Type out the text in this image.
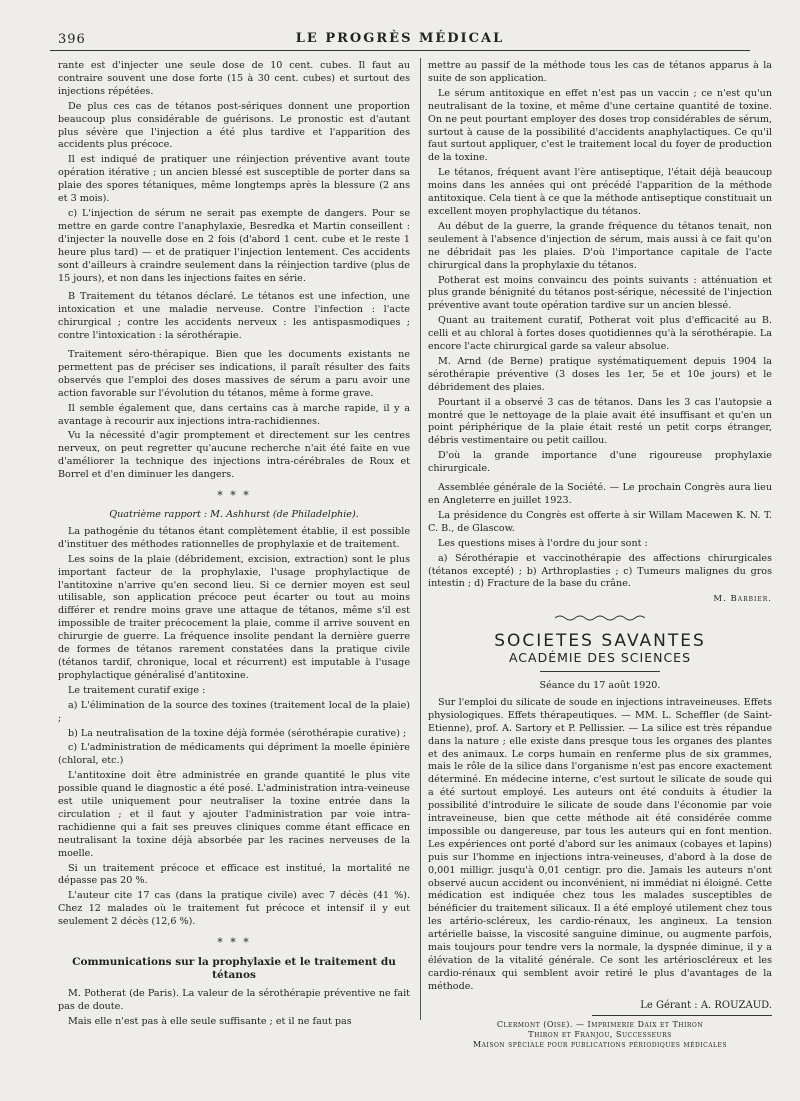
396	LE PROGRÈS MÉDICAL

rante est d'injecter une seule dose de 10 cent. cubes. Il faut au contraire souvent une dose forte (15 à 30 cent. cubes) et surtout des injections répétées.

De plus ces cas de tétanos post-sériques donnent une proportion beaucoup plus considérable de guérisons. Le pronostic est d'autant plus sévère que l'injection a été plus tardive et l'apparition des accidents plus précoce.

Il est indiqué de pratiquer une réinjection préventive avant toute opération itérative ; un ancien blessé est susceptible de porter dans sa plaie des spores tétaniques, même longtemps après la blessure (2 ans et 3 mois).

c) L'injection de sérum ne serait pas exempte de dangers. Pour se mettre en garde contre l'anaphylaxie, Besredka et Martin conseillent : d'injecter la nouvelle dose en 2 fois (d'abord 1 cent. cube et le reste 1 heure plus tard) — et de pratiquer l'injection lentement. Ces accidents sont d'ailleurs à craindre seulement dans la réinjection tardive (plus de 15 jours), et non dans les injections faites en série.

B Traitement du tétanos déclaré. Le tétanos est une infection, une intoxication et une maladie nerveuse. Contre l'infection : l'acte chirurgical ; contre les accidents nerveux : les antispasmodiques ; contre l'intoxication : la sérothérapie.

Traitement séro-thérapique. Bien que les documents existants ne permettent pas de préciser ses indications, il paraît résulter des faits observés que l'emploi des doses massives de sérum a paru avoir une action favorable sur l'évolution du tétanos, même à forme grave.

Il semble également que, dans certains cas à marche rapide, il y a avantage à recourir aux injections intra-rachidiennes.

Vu la nécessité d'agir promptement et directement sur les centres nerveux, on peut regretter qu'aucune recherche n'ait été faite en vue d'améliorer la technique des injections intra-cérébrales de Roux et Borrel et d'en diminuer les dangers.

* * *

Quatrième rapport : M. Ashhurst (de Philadelphie).

La pathogénie du tétanos étant complètement établie, il est possible d'instituer des méthodes rationnelles de prophylaxie et de traitement.

Les soins de la plaie (débridement, excision, extraction) sont le plus important facteur de la prophylaxie, l'usage prophylactique de l'antitoxine n'arrive qu'en second lieu. Si ce dernier moyen est seul utilisable, son application précoce peut écarter ou tout au moins différer et rendre moins grave une attaque de tétanos, même s'il est impossible de traiter précocement la plaie, comme il arrive souvent en chirurgie de guerre. La fréquence insolite pendant la dernière guerre de formes de tétanos rarement constatées dans la pratique civile (tétanos tardif, chronique, local et récurrent) est imputable à l'usage prophylactique généralisé d'antitoxine.

Le traitement curatif exige :

a) L'élimination de la source des toxines (traitement local de la plaie) ;

b) La neutralisation de la toxine déjà formée (sérothérapie curative) ;

c) L'administration de médicaments qui dépriment la moelle épinière (chloral, etc.)

L'antitoxine doit être administrée en grande quantité le plus vite possible quand le diagnostic a été posé. L'administration intra-veineuse est utile uniquement pour neutraliser la toxine entrée dans la circulation ; et il faut y ajouter l'administration par voie intra-rachidienne qui a fait ses preuves cliniques comme étant efficace en neutralisant la toxine déjà absorbée par les racines nerveuses de la moelle.

Si un traitement précoce et efficace est institué, la mortalité ne dépasse pas 20 %.

L'auteur cite 17 cas (dans la pratique civile) avec 7 décès (41 %). Chez 12 malades où le traitement fut précoce et intensif il y eut seulement 2 décès (12,6 %).

* * *
Communications sur la prophylaxie et le traitement du tétanos

M. Potherat (de Paris). La valeur de la sérothérapie préventive ne fait pas de doute.

Mais elle n'est pas à elle seule suffisante ; et il ne faut pas

mettre au passif de la méthode tous les cas de tétanos apparus à la suite de son application.

Le sérum antitoxique en effet n'est pas un vaccin ; ce n'est qu'un neutralisant de la toxine, et même d'une certaine quantité de toxine. On ne peut pourtant employer des doses trop considérables de sérum, surtout à cause de la possibilité d'accidents anaphylactiques. Ce qu'il faut surtout appliquer, c'est le traitement local du foyer de production de la toxine.

Le tétanos, fréquent avant l'ère antiseptique, l'était déjà beaucoup moins dans les années qui ont précédé l'apparition de la méthode antitoxique. Cela tient à ce que la méthode antiseptique constituait un excellent moyen prophylactique du tétanos.

Au début de la guerre, la grande fréquence du tétanos tenait, non seulement à l'absence d'injection de sérum, mais aussi à ce fait qu'on ne débridait pas les plaies. D'où l'importance capitale de l'acte chirurgical dans la prophylaxie du tétanos.

Potherat est moins convaincu des points suivants : atténuation et plus grande bénignité du tétanos post-sérique, nécessité de l'injection préventive avant toute opération tardive sur un ancien blessé.

Quant au traitement curatif, Potherat voit plus d'efficacité au B. celli et au chloral à fortes doses quotidiennes qu'à la sérothérapie. La encore l'acte chirurgical garde sa valeur absolue.

M. Arnd (de Berne) pratique systématiquement depuis 1904 la sérothérapie préventive (3 doses les 1er, 5e et 10e jours) et le débridement des plaies.

Pourtant il a observé 3 cas de tétanos. Dans les 3 cas l'autopsie a montré que le nettoyage de la plaie avait été insuffisant et qu'en un point périphérique de la plaie était resté un petit corps étranger, débris vestimentaire ou petit caillou.

D'où la grande importance d'une rigoureuse prophylaxie chirurgicale.

Assemblée générale de la Société. — Le prochain Congrès aura lieu en Angleterre en juillet 1923.

La présidence du Congrès est offerte à sir Willam Macewen K. N. T. C. B., de Glascow.

Les questions mises à l'ordre du jour sont :

a) Sérothérapie et vaccinothérapie des affections chirurgicales (tétanos excepté) ; b) Arthroplasties ; c) Tumeurs malignes du gros intestin ; d) Fracture de la base du crâne.

M. Barbier.
SOCIETES SAVANTES
ACADÉMIE DES SCIENCES
Séance du 17 août 1920.

Sur l'emploi du silicate de soude en injections intraveineuses. Effets physiologiques. Effets thérapeutiques. — MM. L. Scheffler (de Saint-Etienne), prof. A. Sartory et P. Pellissier. — La silice est très répandue dans la nature ; elle existe dans presque tous les organes des plantes et des animaux. Le corps humain en renferme plus de six grammes, mais le rôle de la silice dans l'organisme n'est pas encore exactement déterminé. En médecine interne, c'est surtout le silicate de soude qui a été surtout employé. Les auteurs ont été conduits à étudier la possibilité d'introduire le silicate de soude dans l'économie par voie intraveineuse, bien que cette méthode ait été considérée comme impossible ou dangereuse, par tous les auteurs qui en font mention. Les expériences ont porté d'abord sur les animaux (cobayes et lapins) puis sur l'homme en injections intra-veineuses, d'abord à la dose de 0,001 milligr. jusqu'à 0,01 centigr. pro die. Jamais les auteurs n'ont observé aucun accident ou inconvénient, ni immédiat ni éloigné. Cette médication est indiquée chez tous les malades susceptibles de bénéficier du traitement silicaux. Il a été employé utilement chez tous les artério-scléreux, les cardio-rénaux, les angineux. La tension artérielle baisse, la viscosité sanguine diminue, ou augmente parfois, mais toujours pour tendre vers la normale, la dyspnée diminue, il y a élévation de la vitalité générale. Ce sont les artérioscléreux et les cardio-rénaux qui semblent avoir retiré le plus d'avantages de la méthode.

Le Gérant : A. ROUZAUD.
Clermont (Oise). — Imprimerie Daix et Thiron
Thiron et Franjou, Successeurs
Maison spéciale pour publications périodiques médicales
